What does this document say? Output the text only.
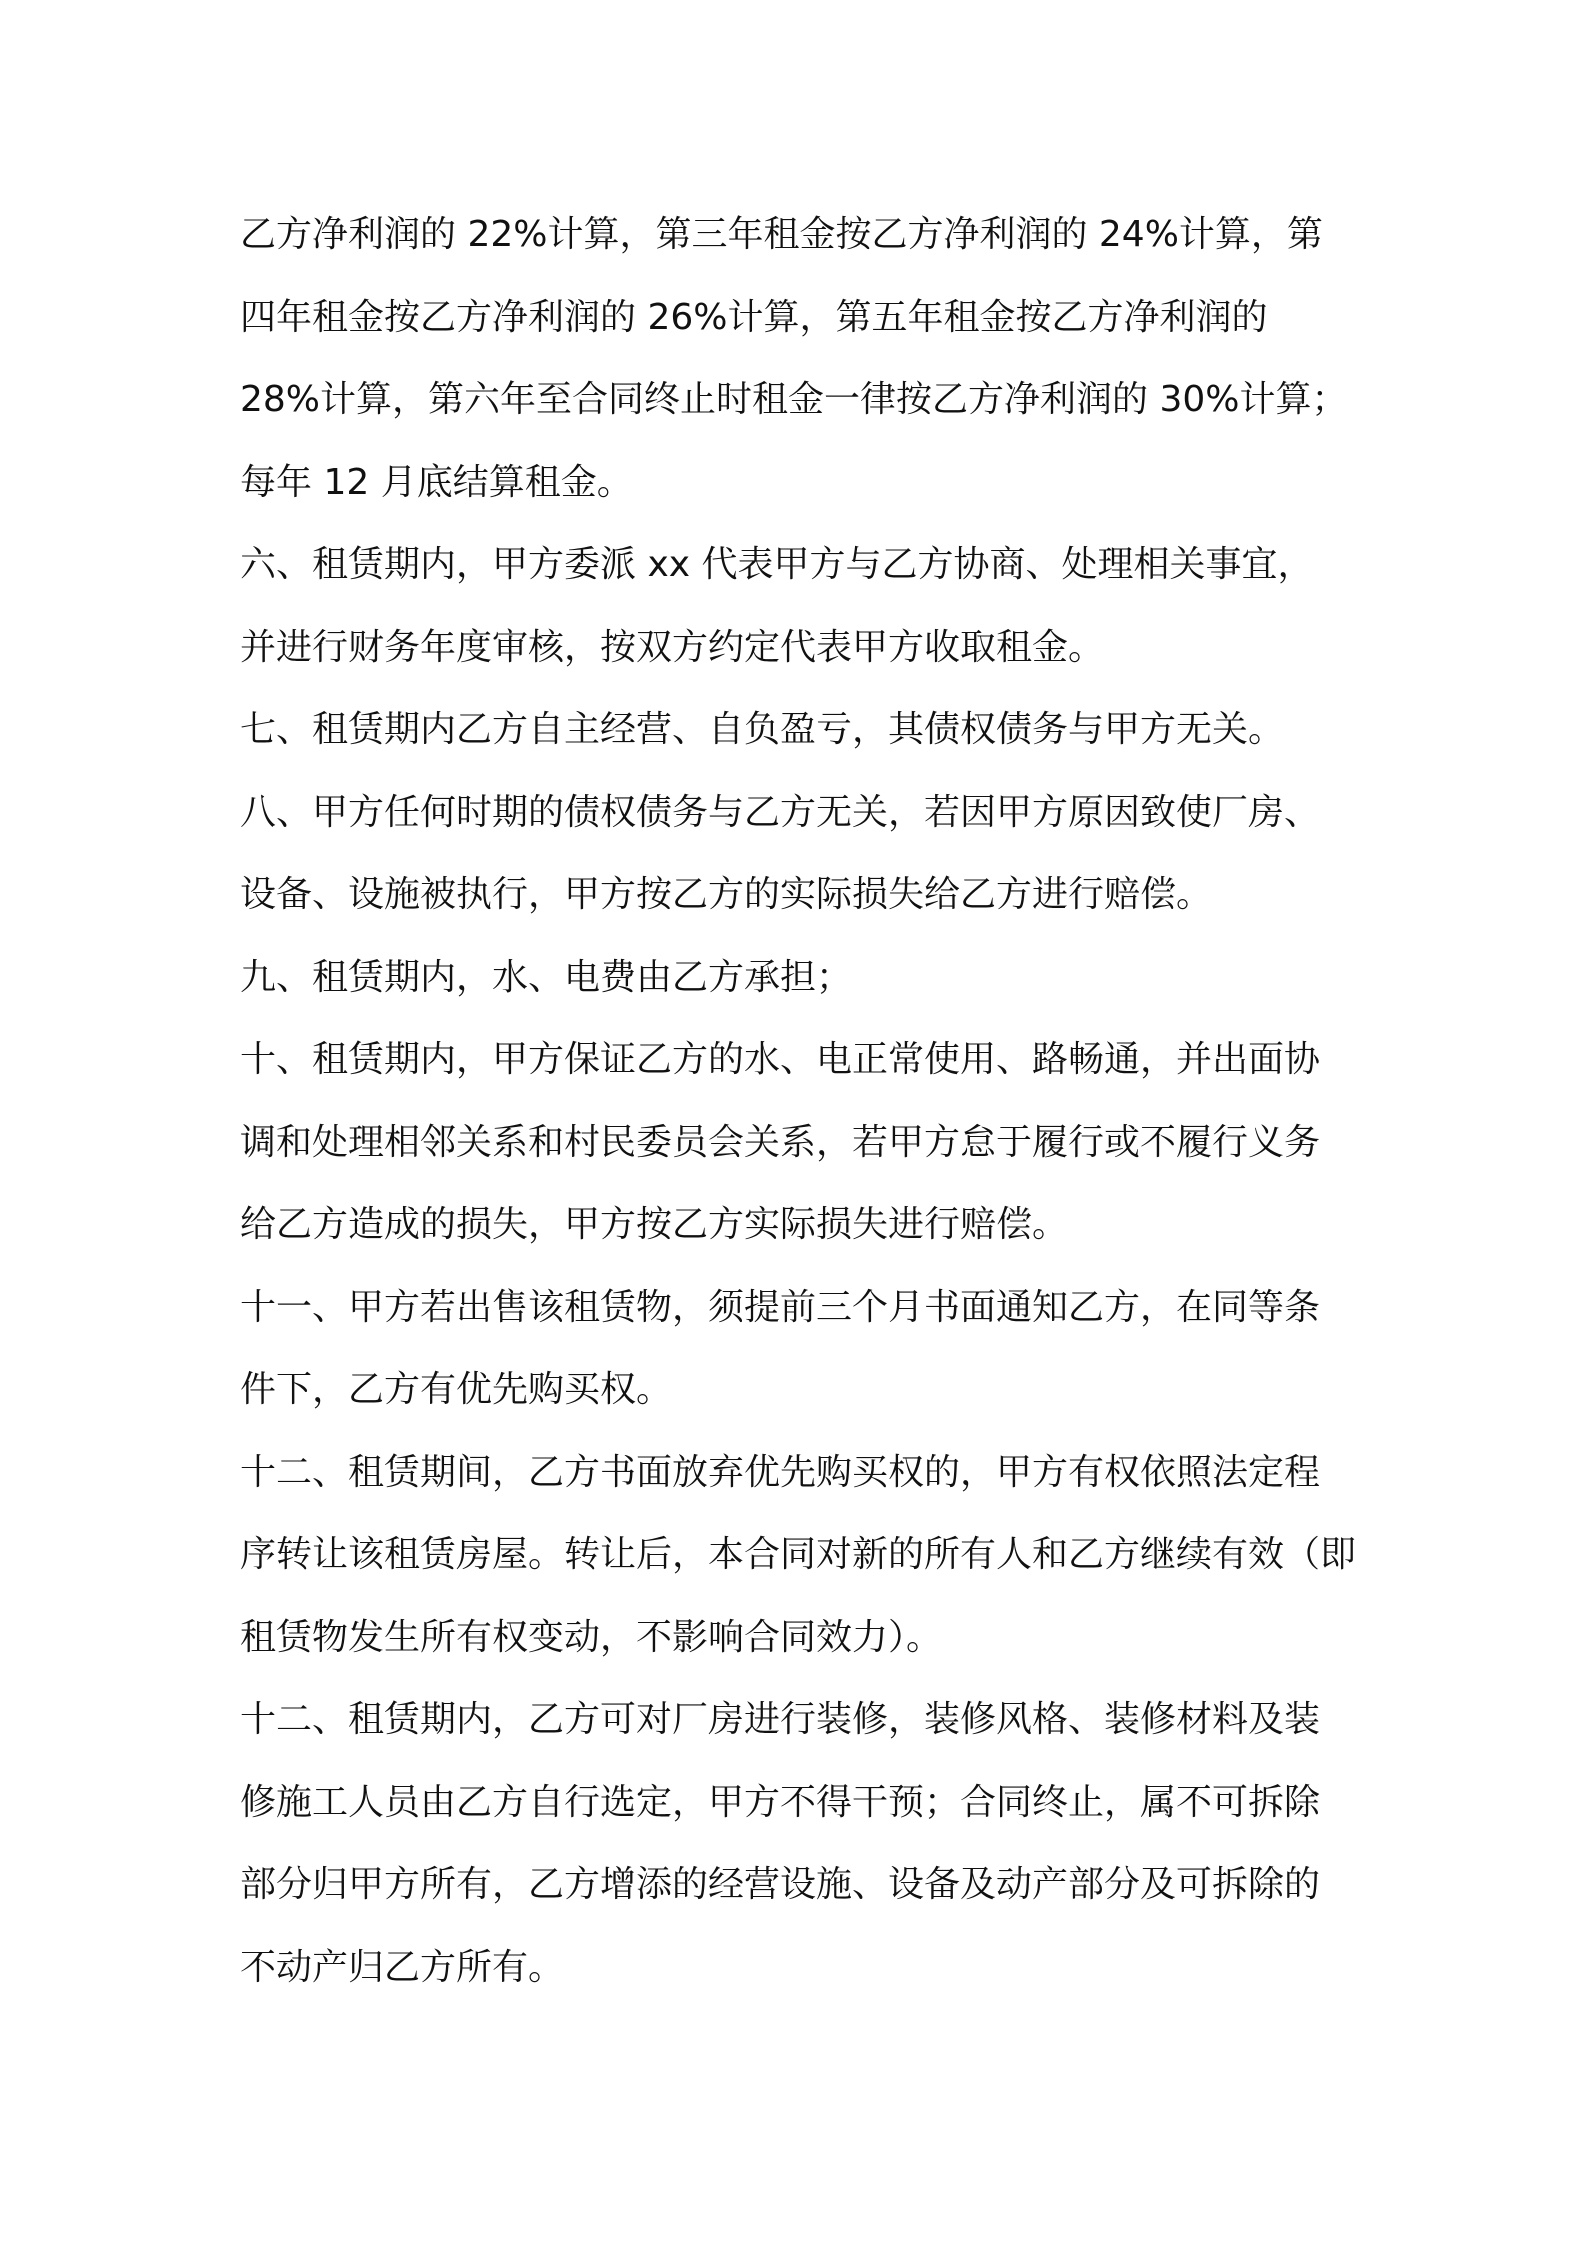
乙方净利润的 22%计算，第三年租金按乙方净利润的 24%计算，第
四年租金按乙方净利润的 26%计算，第五年租金按乙方净利润的
28%计算，第六年至合同终止时租金一律按乙方净利润的 30%计算；
每年 12 月底结算租金。
六、租赁期内，甲方委派 xx 代表甲方与乙方协商、处理相关事宜，
并进行财务年度审核，按双方约定代表甲方收取租金。
七、租赁期内乙方自主经营、自负盈亏，其债权债务与甲方无关。
八、甲方任何时期的债权债务与乙方无关，若因甲方原因致使厂房、
设备、设施被执行，甲方按乙方的实际损失给乙方进行赔偿。
九、租赁期内，水、电费由乙方承担；
十、租赁期内，甲方保证乙方的水、电正常使用、路畅通，并出面协
调和处理相邻关系和村民委员会关系，若甲方怠于履行或不履行义务
给乙方造成的损失，甲方按乙方实际损失进行赔偿。
十一、甲方若出售该租赁物，须提前三个月书面通知乙方，在同等条
件下，乙方有优先购买权。
十二、租赁期间，乙方书面放弃优先购买权的，甲方有权依照法定程
序转让该租赁房屋。转让后，本合同对新的所有人和乙方继续有效（即
租赁物发生所有权变动，不影响合同效力）。
十二、租赁期内，乙方可对厂房进行装修，装修风格、装修材料及装
修施工人员由乙方自行选定，甲方不得干预；合同终止，属不可拆除
部分归甲方所有，乙方增添的经营设施、设备及动产部分及可拆除的
不动产归乙方所有。
